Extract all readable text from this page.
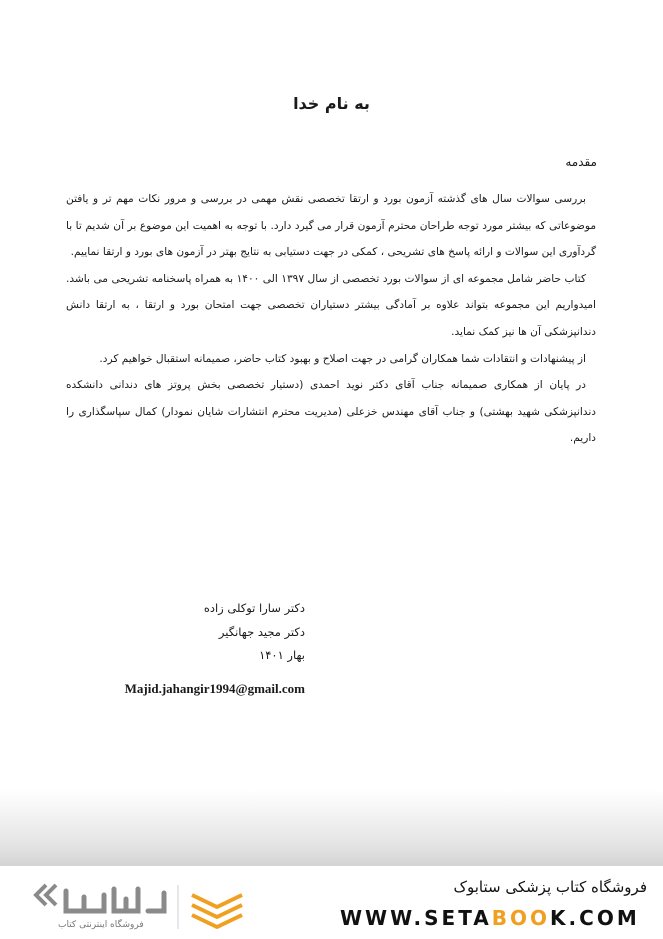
به نام خدا
مقدمه

بررسی سوالات سال های گذشته آزمون بورد و ارتقا تخصصی نقش مهمی در بررسی و مرور نکات مهم تر و یافتن موضوعاتی که بیشتر مورد توجه طراحان محترم آزمون قرار می گیرد دارد. با توجه به اهمیت این موضوع بر آن شدیم تا با گردآوری این سوالات و ارائه پاسخ های تشریحی ، کمکی در جهت دستیابی به نتایج بهتر در آزمون های بورد و ارتقا نماییم.

کتاب حاضر شامل مجموعه ای از سوالات بورد تخصصی از سال ۱۳۹۷ الی ۱۴۰۰ به همراه پاسخنامه تشریحی می باشد. امیدواریم این مجموعه بتواند علاوه بر آمادگی بیشتر دستیاران تخصصی جهت امتحان بورد و ارتقا ، به ارتقا دانش دندانپزشکی آن ها نیز کمک نماید.

از پیشنهادات و انتقادات شما همکاران گرامی در جهت اصلاح و بهبود کتاب حاضر، صمیمانه استقبال خواهیم کرد.

در پایان از همکاری صمیمانه جناب آقای دکتر نوید احمدی (دستیار تخصصی بخش پروتز های دندانی دانشکده دندانپزشکی شهید بهشتی) و جناب آقای مهندس خزعلی (مدیریت محترم انتشارات شایان نمودار) کمال سپاسگذاری را داریم.

دکتر سارا توکلی زاده
دکتر مجید جهانگیر
بهار ۱۴۰۱
Majid.jahangir1994@gmail.com
فروشگاه کتاب پزشکی ستابوک
WWW.SETABOOK.COM
فروشگاه اینترنتی کتاب
